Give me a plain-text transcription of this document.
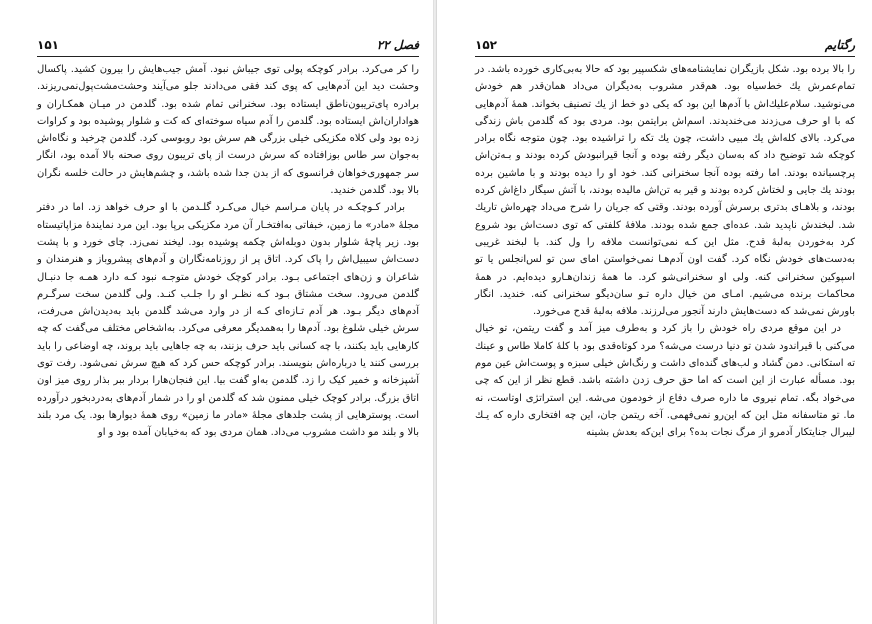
۱۵۱	فصل ۲۲

را کر می‌کرد. برادر کوچکه پولی توی جیباش نبود. آمش جیب‌هایش را بیرون کشید. پاکسال وحشت دید این آدم‌هایی که پوی کند فقی می‌دادند جلو می‌آیند وحشت‌مشت‌پول‌نمی‌ریزند. برادره پای‌تریبون‌ناطق ایستاده بود. سخنرانی تمام شده بود. گلدمن در میـان همکـاران و هواداران‌اش ایستاده بود. گلدمن را آدم سیاه سوخته‌ای که کت و شلوار پوشیده بود و کراوات زده بود ولی کلاه مکزیکی خیلی بزرگی هم سرش بود روبوسی کرد. گلدمن چرخید و نگاه‌اش به‌جوان سر طاس بوزافتاده که سرش درست از پای تریبون روی صحنه بالا آمده بود، انگار سر جمهوری‌خواهان فرانسوی که از بدن جدا شده باشد، و چشم‌هایش در حالت خلسه نگران بالا بود. گلدمن خندید.

برادر کـوچکـه در پایان مـراسم خیال می‌کـرد گلـدمن با او حرف خواهد زد. اما در دفتر مجلهٔ «مادر» ما زمین، خبفاتی به‌افتخـار آن مرد مکزیکی برپا بود. این مرد نماینده‌ٔ مزاپاتیستاه بود. زیر پاچهٔ شلوار بدون دوبله‌اش چکمه پوشیده بود. لیخند نمی‌زد. چای خورد و با پشت دست‌اش سیبیل‌اش را پاک کرد. اتاق پر از روزنامه‌نگاران و آدم‌های پیشروباز و هنرمندان و شاعران و زن‌های اجتماعی بـود. برادر کوچک خودش متوجـه نبود کـه دارد همـه جا دنبـال گلدمن می‌رود. سخت مشتاق بـود کـه نظـر او را جلـب کنـد. ولی گلدمن سخت سرگـرم آدم‌های دیگر بـود. هر آدم تـازه‌ای کـه از در وارد می‌شد گلدمن باید به‌دیدن‌اش می‌رفت، سرش خیلی شلوغ بود. آدم‌ها را به‌همدیگر معرفی می‌کرد. به‌اشخاص مختلف می‌گفت که چه کارهایی باید بکنند، با چه کسانی باید حرف بزنند، به چه جاهایی باید بروند، چه اوضاعی را باید بررسی کنند یا درباره‌اش بنویسند. برادر کوچکه حس کرد که هیچ سرش نمی‌شود. رفت توی آشپزخانه و خمیر کیک را زد. گلدمن به‌او گفت بیا. این فنجان‌ها‌را بردار ببر بذار روی میز اون اتاق بزرگ. برادر کوچک خیلی ممنون شد که گلدمن او را در شمار آدم‌های به‌دردبخور درآورده است. پوسترهایی از پشت جلد‌های مجلهٔ «مادر ما زمین» روی همهٔ دیوارها بود. یک مرد بلند بالا و بلند مو داشت مشروب می‌داد. همان مردی بود که به‌خیابان آمده بود و او

۱۵۲	رگتایم

را بالا برده بود. شکل بازیگران نمایشنامه‌های شکسپیر بود که حالا به‌بی‌کاری خورده باشد. در تمام‌عمرش یك خط‌سیاه بود. هم‌قدر مشروب به‌دیگران می‌داد همان‌قدر هم خودش می‌نوشید. سلام‌علیك‌اش با آدم‌ها این بود که یکی دو خط از یك تصنیف بخواند. همهٔ آدم‌هایی که با او حرف می‌زدند می‌خندیدند. اسم‌اش برایتمن بود. مردی بود که گلدمن باش زندگی می‌کرد. بالای کله‌اش یك مبیی داشت، چون یك تکه را تراشیده بود. چون متوجه نگاه برادر کوچکه شد توضیح داد که به‌سان دیگر رفته بوده و آنجا قیرانبودش کرده بودند و بـه‌تن‌اش پرچسبانده بودند. اما رفته بوده آنجا سخنرانی کند. خود او را دیده بودند و با ماشین برده بودند یك جایی و لختاش کرده بودند و قیر به تن‌اش مالیده بودند، با آتش سیگار داغ‌اش کرده بودند، و بلاهـای بدتری برسرش آورده بودند. وقتی که جریان را شرح می‌داد چهره‌اش تاریك شد. لبخندش ناپدید شد. عده‌ای جمع شده بودند. ملافهٔ کلفتی که توی دست‌اش بود شروع کرد به‌خوردن به‌لبهٔ قدح. مثل این کـه نمی‌توانست ملافه را ول کند. با لبخند غریبی به‌دست‌های خودش نگاه کرد. گفت اون آدم‌هـا نمی‌خواستن امای سن تو لس‌انجلس یا تو اسپوکین سخنرانی کنه. ولی او سخنرانی‌شو کرد. ما همهٔ زندان‌هـارو دیده‌ایم. در همهٔ محاکمات برنده می‌شیم. امـای من خیال داره تـو سان‌دیگو سخنرانی کنه. خندید. انگار باورش نمی‌شد که دست‌هایش دارند آنجور می‌لرزند. ملافه به‌لبهٔ قدح می‌خورد.

در این موقع مردی راه خودش را باز کرد و به‌طرف میز آمد و گفت ریتمن، تو خیال می‌کنی با قیراندود شدن تو دنیا درست می‌شه؟ مرد کوتاه‌قدی بود با کلهٔ کاملا طاس و عینك ته استکانی. دمن گشاد و لب‌های گنده‌ای داشت و رنگ‌اش خیلی سبزه و پوست‌اش عین موم بود. مسأله عبارت از این است که اما حق حرف زدن داشته باشد. قطع نظر از این که چی می‌خواد بگه. تمام نیروی ما داره صرف دفاع از خودمون می‌شه. این استراتژی اوتاست، نه ما. تو متاسفانه مثل این که این‌رو نمی‌فهمی. آخه ریتمن جان، این چه افتخاری داره که یـك لیبرال جنایتکار آدمرو از مرگ نجات بده؟ برای این‌که بعدش بشینه
